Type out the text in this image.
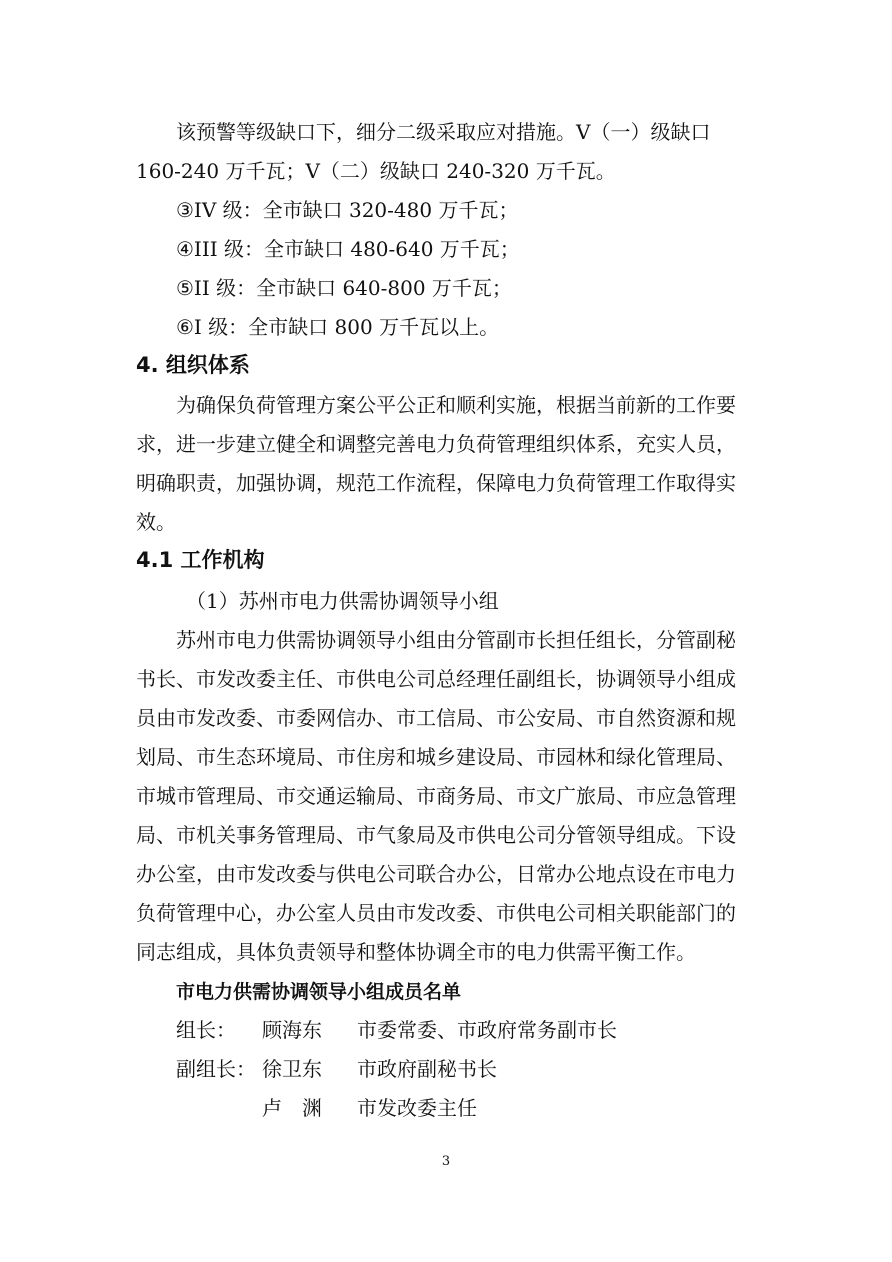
该预警等级缺口下，细分二级采取应对措施。V（一）级缺口
160-240 万千瓦；V（二）级缺口 240-320 万千瓦。
③IV 级：全市缺口 320-480 万千瓦；
④III 级：全市缺口 480-640 万千瓦；
⑤II 级：全市缺口 640-800 万千瓦；
⑥I 级：全市缺口 800 万千瓦以上。
4. 组织体系
为确保负荷管理方案公平公正和顺利实施，根据当前新的工作要
求，进一步建立健全和调整完善电力负荷管理组织体系，充实人员，
明确职责，加强协调，规范工作流程，保障电力负荷管理工作取得实
效。
4.1 工作机构
（1）苏州市电力供需协调领导小组
苏州市电力供需协调领导小组由分管副市长担任组长，分管副秘
书长、市发改委主任、市供电公司总经理任副组长，协调领导小组成
员由市发改委、市委网信办、市工信局、市公安局、市自然资源和规
划局、市生态环境局、市住房和城乡建设局、市园林和绿化管理局、
市城市管理局、市交通运输局、市商务局、市文广旅局、市应急管理
局、市机关事务管理局、市气象局及市供电公司分管领导组成。下设
办公室，由市发改委与供电公司联合办公，日常办公地点设在市电力
负荷管理中心，办公室人员由市发改委、市供电公司相关职能部门的
同志组成，具体负责领导和整体协调全市的电力供需平衡工作。
市电力供需协调领导小组成员名单
组长： 顾海东 市委常委、市政府常务副市长
副组长： 徐卫东 市政府副秘书长
卢　渊 市发改委主任
3
